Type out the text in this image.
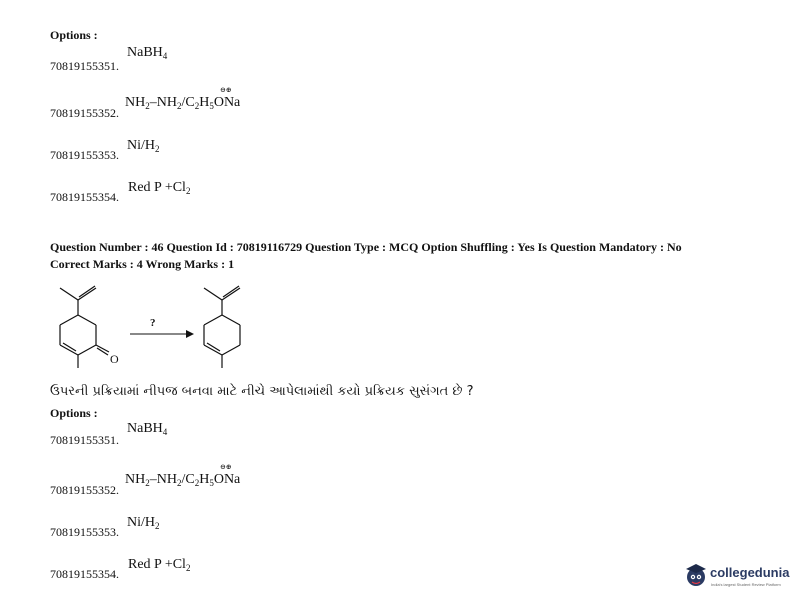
Options :
70819155351.
NaBH$_4$
70819155352.
⊖⊕
$NH_2-NH_2/C_2H_5ONa$
70819155353.
$Ni/H_2$
70819155354.
Red $P +Cl_2$
Question Number : 46 Question Id : 70819116729 Question Type : MCQ Option Shuffling : Yes Is Question Mandatory : No
Correct Marks : 4 Wrong Marks : 1
O
?
ઉપરની પ્રક્રિયામાં નીપજ બનવા માટે નીચે આપેલામાંથી કયો પ્રક્રિયક સુસંગત છે ?
Options :
70819155351.
NaBH$_4$
70819155352.
⊖⊕
$NH_2-NH_2/C_2H_5ONa$
70819155353.
$Ni/H_2$
70819155354.
Red $P +Cl_2$	collegedunia
India's largest Student Review Platform
